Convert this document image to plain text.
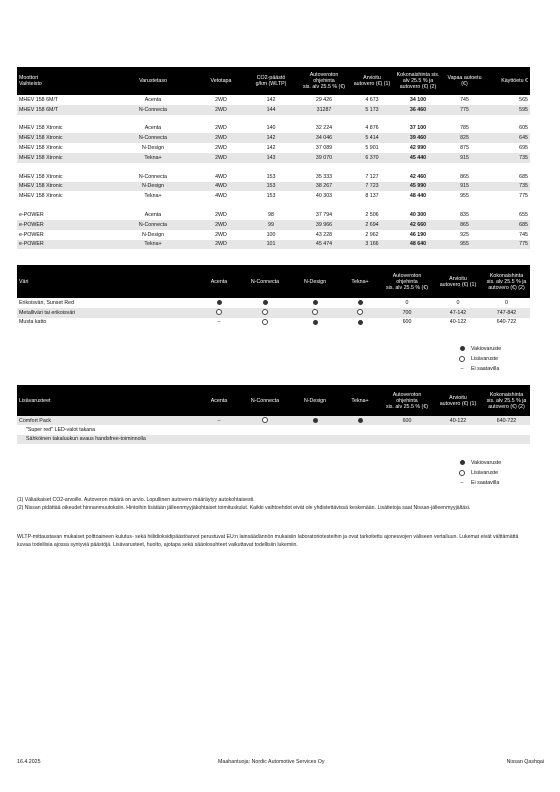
Moottori
Vaihteisto	Varustetaso	Vetotapa	CO2-päästö
g/km (WLTP)	Autoveroton
ohjehinta
sis. alv 25.5 % (€)	Arvioitu
autovero (€) (1)	Kokonaishinta sis.
alv 25.5 % ja
autovero (€) (2)	Vapaa autoetu
(€)	Käyttöetu €
MHEV 158 6M/T	Acenta	2WD	142	29 426	4 673	34 100	745	565
MHEV 158 6M/T	N-Connecta	2WD	144	31287	5 173	36 460	775	595

MHEV 158 Xtronic	Acenta	2WD	140	32 224	4 876	37 100	785	605
MHEV 158 Xtronic	N-Connecta	2WD	142	34 046	5 414	39 460	825	645
MHEV 158 Xtronic	N-Design	2WD	142	37 089	5 901	42 990	875	695
MHEV 158 Xtronic	Tekna+	2WD	143	39 070	6 370	45 440	915	735

MHEV 158 Xtronic	N-Connecta	4WD	153	35 333	7 127	42 460	865	685
MHEV 158 Xtronic	N-Design	4WD	153	38 267	7 723	45 990	915	735
MHEV 158 Xtronic	Tekna+	4WD	153	40 303	8 137	48 440	955	775

e-POWER	Acenta	2WD	98	37 794	2 506	40 300	835	655
e-POWER	N-Connecta	2WD	99	39 966	2 694	42 660	865	685
e-POWER	N-Design	2WD	100	43 228	2 962	46 190	925	745
e-POWER	Tekna+	2WD	101	45 474	3 166	48 640	955	775
Väri	Acenta	N-Connecta	N-Design	Tekna+	Autoveroton
ohjehinta
sis. alv 25.5 % (€)	Arvioitu
autovero (€) (1)	Kokonaishinta
sis. alv 25.5 % ja
autovero (€) (2)
Erikoisväri, Sunset Red					0	0	0
Metalliväri tai erikoisväri					700	47-142	747-842
Musta katto	–				600	40-122	640-722
Lisävarusteet	Acenta	N-Connecta	N-Design	Tekna+	Autoveroton
ohjehinta
sis. alv 25.5 % (€)	Arvioitu
autovero (€) (1)	Kokonaishinta
sis. alv 25.5 % ja
autovero (€) (2)
Comfort Pack	–				600	40-122	640-722
"Super red" LED-valot takana							
Sähköinen takaluukun avaus handsfree-toiminnolla							
Vakiovaruste
Lisävaruste
–	Ei saatavilla
Vakiovaruste
Lisävaruste
–	Ei saatavilla
(1) Väliaikaiset CO2-arvoille. Autoveron määrä on arvio. Lopullinen autovero määräytyy autokohtaisesti.
(2) Nissan pidättää oikeudet hinnanmuutoksiin. Hintoihin lisätään jälleenmyyjäkohtaiset toimituskulut. Kaikki vaihtoehdot eivät ole yhdistettävissä keskenään. Lisätietoja saat Nissan-jälleenmyyjältäsi.
WLTP-mittaustavan mukaiset polttoaineen kulutus- sekä hiilidioksidipäästöarvot perustuvat EU:n lainsäädännön mukaisiin laboratoriotesteihin ja ovat tarkoitettu ajoneuvojen väliseen vertailuun. Lukemat eivät välttämättä kuvaa todellisia ajossa syntyviä päästöjä. Lisävarusteet, huolto, ajotapa sekä sääolosuhteet vaikuttavat todellisiin lukemiin.
16.4.2025	Maahantuoja: Nordic Automotive Services Oy	Nissan Qashqai
